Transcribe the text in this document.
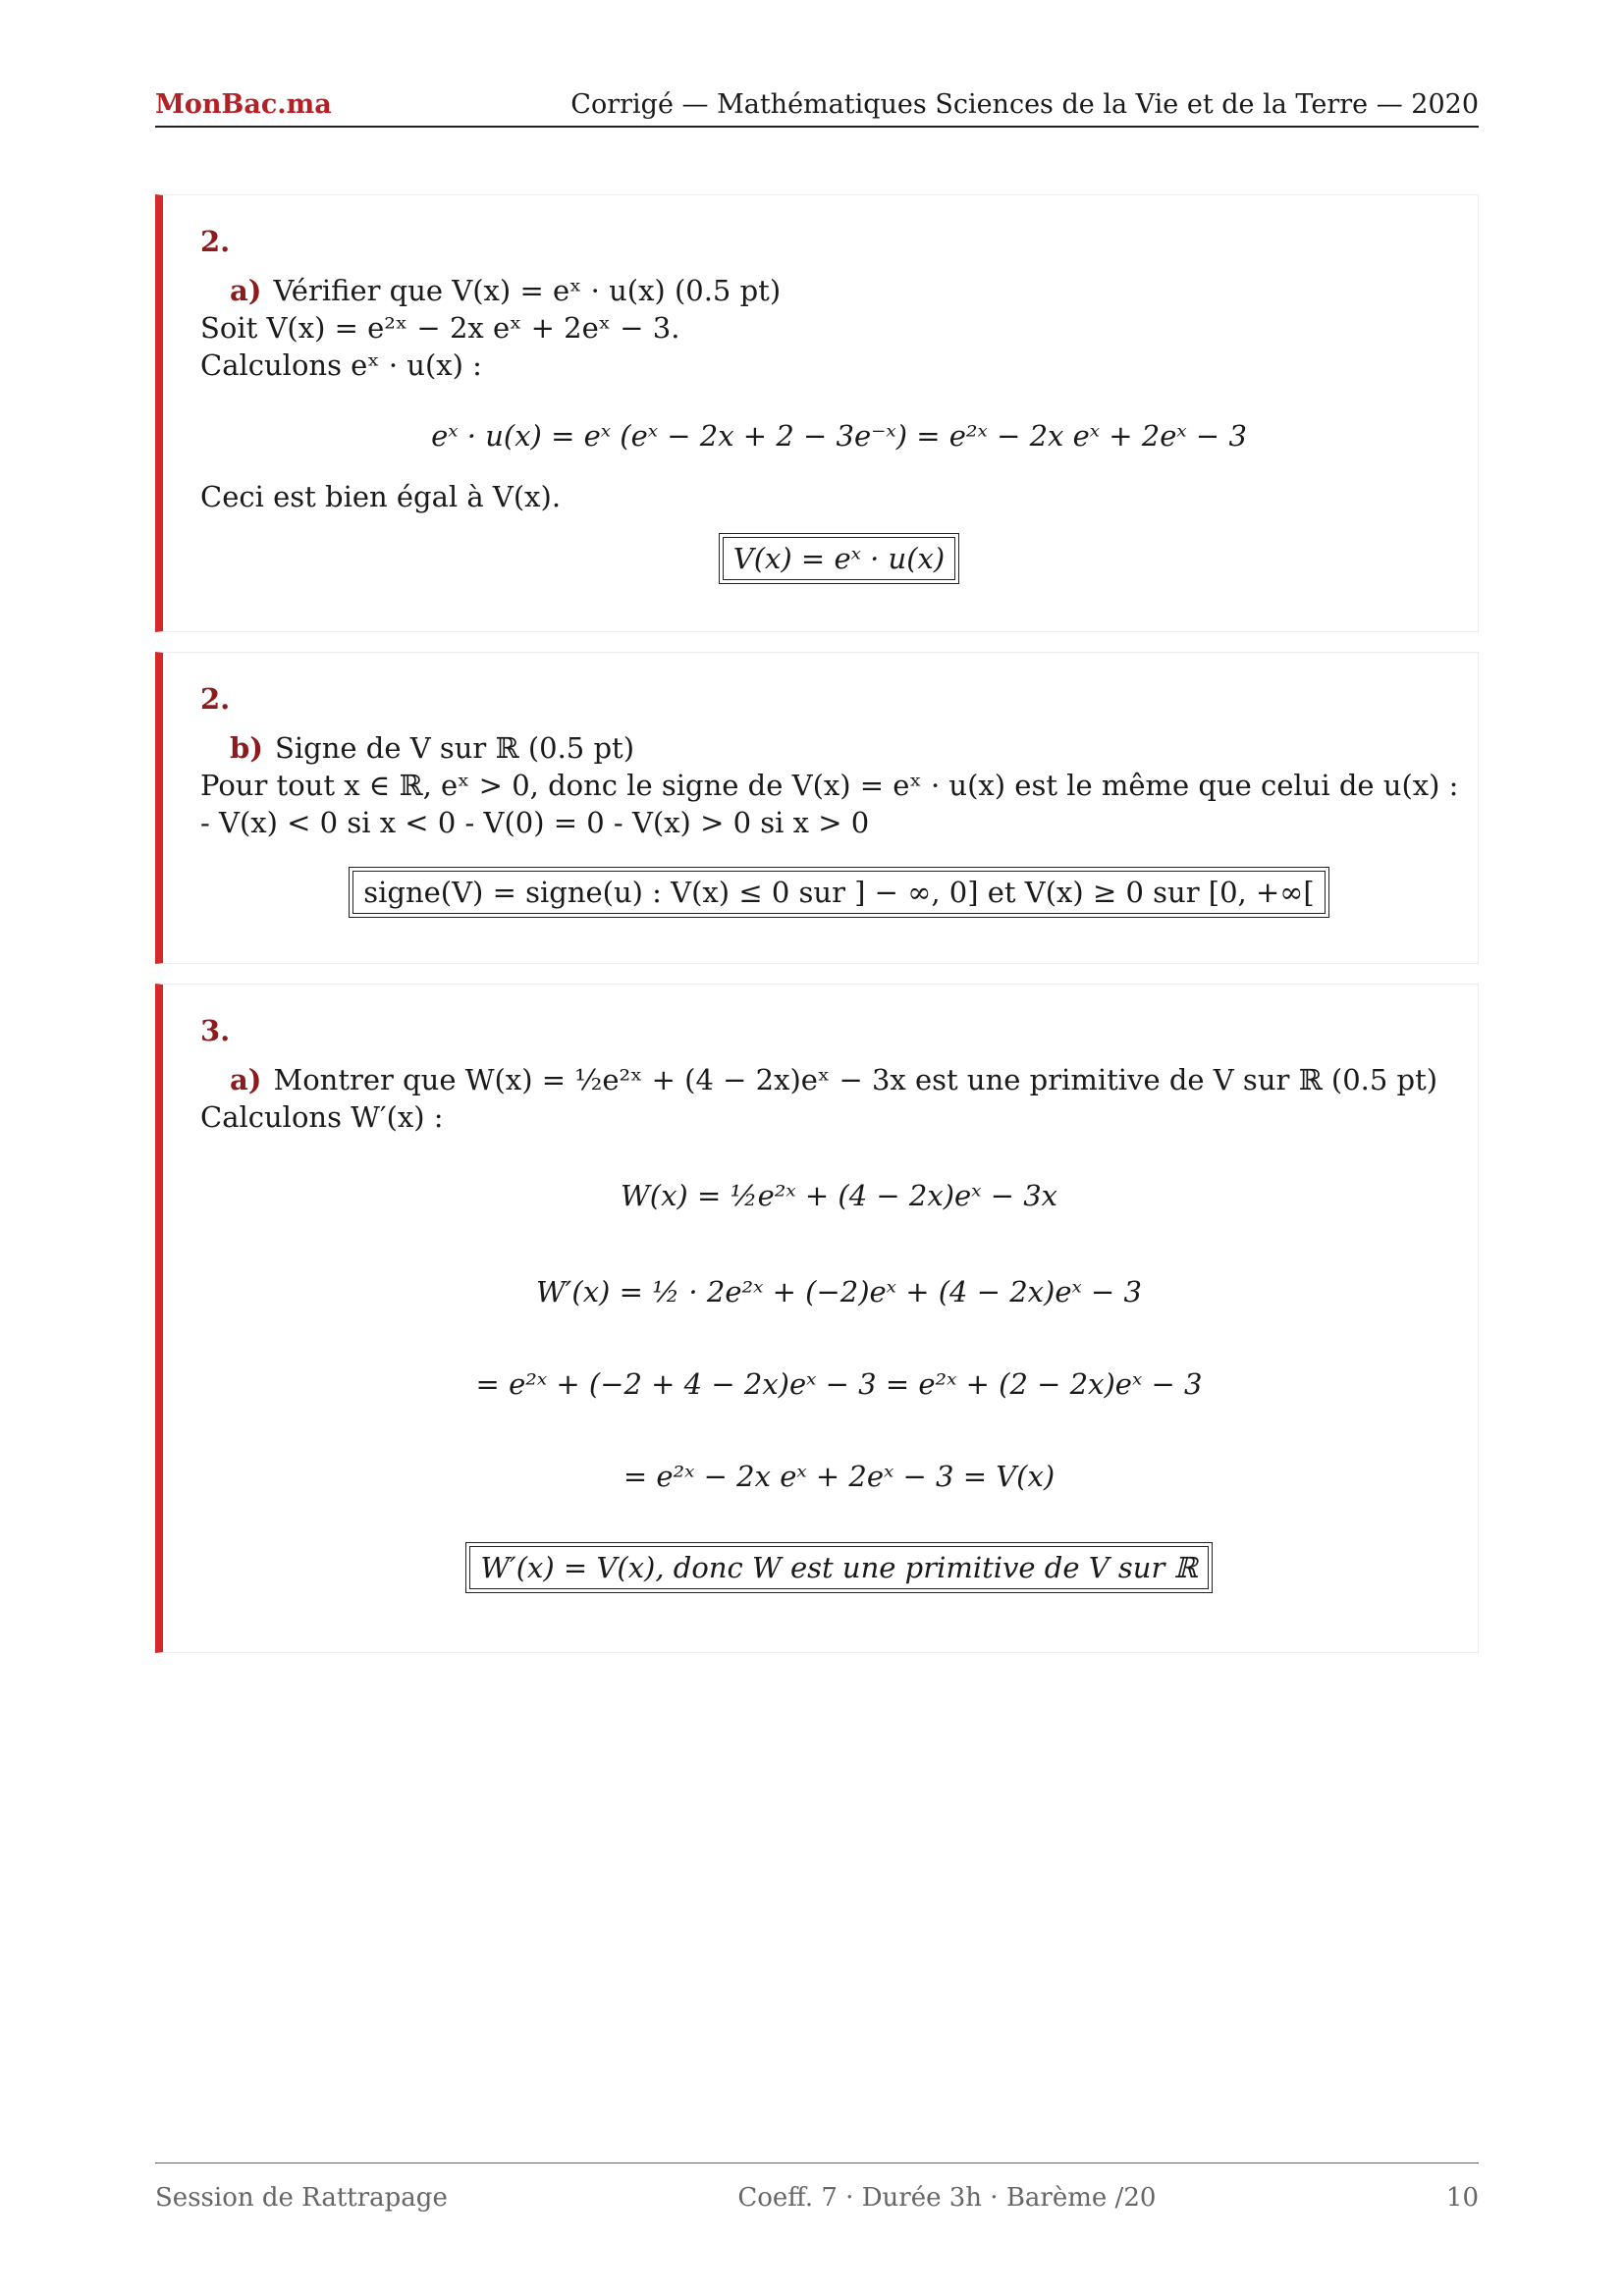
MonBac.ma	Corrigé — Mathématiques Sciences de la Vie et de la Terre — 2020
2.
a) Vérifier que V(x) = eˣ · u(x) (0.5 pt)
Soit V(x) = e²ˣ − 2x eˣ + 2eˣ − 3.
Calculons eˣ · u(x) :
eˣ · u(x) = eˣ (eˣ − 2x + 2 − 3e⁻ˣ) = e²ˣ − 2x eˣ + 2eˣ − 3
Ceci est bien égal à V(x).
V(x) = eˣ · u(x)
2.
b) Signe de V sur ℝ (0.5 pt)
Pour tout x ∈ ℝ, eˣ > 0, donc le signe de V(x) = eˣ · u(x) est le même que celui de u(x) :
- V(x) < 0 si x < 0 - V(0) = 0 - V(x) > 0 si x > 0
signe(V) = signe(u) : V(x) ≤ 0 sur ] − ∞, 0] et V(x) ≥ 0 sur [0, +∞[
3.
a) Montrer que W(x) = ½e²ˣ + (4 − 2x)eˣ − 3x est une primitive de V sur ℝ (0.5 pt)
Calculons W′(x) :
W(x) = ½e²ˣ + (4 − 2x)eˣ − 3x
W′(x) = ½ · 2e²ˣ + (−2)eˣ + (4 − 2x)eˣ − 3
= e²ˣ + (−2 + 4 − 2x)eˣ − 3 = e²ˣ + (2 − 2x)eˣ − 3
= e²ˣ − 2x eˣ + 2eˣ − 3 = V(x)
W′(x) = V(x), donc W est une primitive de V sur ℝ
Session de Rattrapage	Coeff. 7 · Durée 3h · Barème /20	10
